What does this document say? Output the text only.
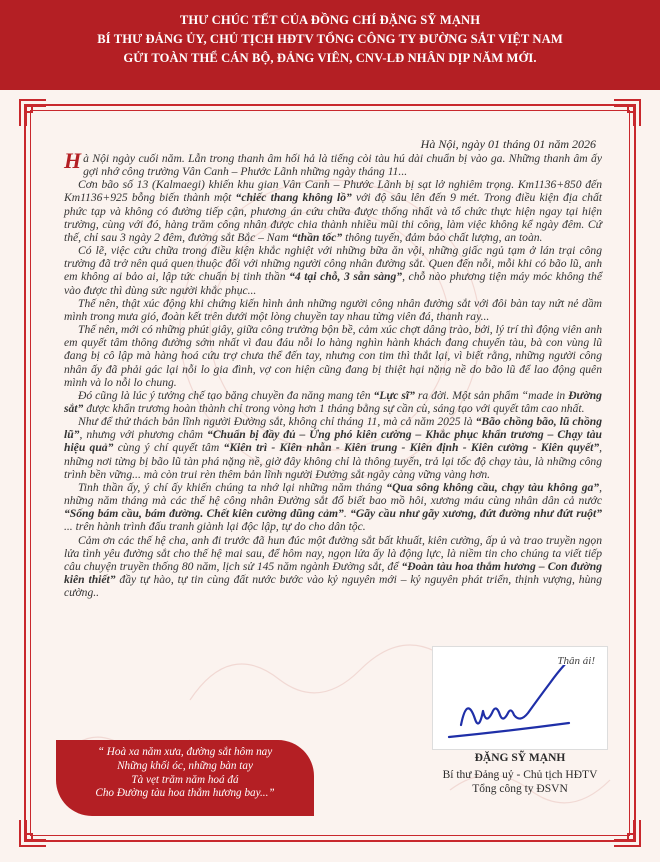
THƯ CHÚC TẾT CỦA ĐỒNG CHÍ ĐẶNG SỸ MẠNH
BÍ THƯ ĐẢNG ỦY, CHỦ TỊCH HĐTV TỔNG CÔNG TY ĐƯỜNG SẮT VIỆT NAM
GỬI TOÀN THỂ CÁN BỘ, ĐẢNG VIÊN, CNV-LĐ NHÂN DỊP NĂM MỚI.
Hà Nội, ngày 01 tháng 01 năm 2026

Hà Nội ngày cuối năm. Lẫn trong thanh âm hối hả là tiếng còi tàu hú dài chuẩn bị vào ga. Những thanh âm ấy gợi nhớ công trường Vân Canh – Phước Lãnh những ngày tháng 11...

Cơn bão số 13 (Kalmaegi) khiến khu gian Vân Canh – Phước Lãnh bị sạt lở nghiêm trọng. Km1136+850 đến Km1136+925 bỗng biến thành một “chiếc thang không lồ” với độ sâu lên đến 9 mét. Trong điều kiện địa chất phức tạp và không có đường tiếp cận, phương án cứu chữa được thống nhất và tổ chức thực hiện ngay tại hiện trường, cùng với đó, hàng trăm công nhân được chia thành nhiều mũi thi công, làm việc không kể ngày đêm. Cứ thế, chỉ sau 3 ngày 2 đêm, đường sắt Bắc – Nam “thần tốc” thông tuyến, đảm bảo chất lượng, an toàn.

Có lẽ, việc cứu chữa trong điều kiện khắc nghiệt với những bữa ăn vội, những giấc ngủ tạm ở lán trại công trường đã trở nên quá quen thuộc đối với những người công nhân đường sắt. Quen đến nỗi, mỗi khi có bão lũ, anh em không ai bảo ai, lập tức chuẩn bị tinh thần “4 tại chỗ, 3 sẵn sàng”, chỗ nào phương tiện máy móc không thể vào được thì dùng sức người khắc phục...

Thế nên, thật xúc động khi chứng kiến hình ảnh những người công nhân đường sắt với đôi bàn tay nứt nẻ dầm mình trong mưa gió, đoàn kết trên dưới một lòng chuyền tay nhau từng viên đá, thanh ray...

Thế nên, mới có những phút giây, giữa công trường bộn bề, cảm xúc chợt dâng trào, bởi, lý trí thì động viên anh em quyết tâm thông đường sớm nhất vì đau đáu nỗi lo hàng nghìn hành khách đang chuyến tàu, bà con vùng lũ đang bị cô lập mà hàng hoá cứu trợ chưa thể đến tay, nhưng con tim thì thắt lại, vì biết rằng, những người công nhân ấy đã phải gác lại nỗi lo gia đình, vợ con hiện cũng đang bị thiệt hại nặng nề do bão lũ để lao động quên mình và lo nỗi lo chung.

Đó cũng là lúc ý tưởng chế tạo băng chuyền đa năng mang tên “Lực sĩ” ra đời. Một sản phẩm “made in Đường sắt” được khẩn trương hoàn thành chỉ trong vòng hơn 1 tháng bằng sự cần cù, sáng tạo với quyết tâm cao nhất.

Như để thử thách bản lĩnh người Đường sắt, không chỉ tháng 11, mà cả năm 2025 là “Bão chồng bão, lũ chồng lũ”, nhưng với phương châm “Chuẩn bị đầy đủ – Ứng phó kiên cường – Khắc phục khẩn trương – Chạy tàu hiệu quả” cùng ý chí quyết tâm “Kiên trì - Kiên nhẫn - Kiên trung - Kiên định - Kiên cường - Kiên quyết”, những nơi từng bị bão lũ tàn phá nặng nề, giờ đây không chỉ là thông tuyến, trả lại tốc độ chạy tàu, là những công trình bền vững... mà còn trui rèn thêm bản lĩnh người Đường sắt ngày càng vững vàng hơn.

Tinh thần ấy, ý chí ấy khiến chúng ta nhớ lại những năm tháng “Qua sông không cầu, chạy tàu không ga”, những năm tháng mà các thế hệ công nhân Đường sắt đổ biết bao mồ hôi, xương máu cùng nhân dân cả nước “Sống bám cầu, bám đường. Chết kiên cường dũng cảm”. “Gãy cầu như gãy xương, đứt đường như đứt ruột” ... trên hành trình đấu tranh giành lại độc lập, tự do cho dân tộc.

Cảm ơn các thế hệ cha, anh đi trước đã hun đúc một đường sắt bất khuất, kiên cường, ấp ủ và trao truyền ngọn lửa tình yêu đường sắt cho thế hệ mai sau, để hôm nay, ngọn lửa ấy là động lực, là niềm tin cho chúng ta viết tiếp câu chuyện truyền thống 80 năm, lịch sử 145 năm ngành Đường sắt, để “Đoàn tàu hoa thắm hương – Con đường kiên thiết” đầy tự hào, tự tin cùng đất nước bước vào kỷ nguyên mới – kỷ nguyên phát triển, thịnh vượng, hùng cường..

Thân ái!
ĐẶNG SỸ MẠNH
Bí thư Đảng uỷ - Chủ tịch HĐTV
Tổng công ty ĐSVN
“ Hoà xa năm xưa, đường sắt hôm nay
Những khối óc, những bàn tay
Tà vẹt trăm năm hoá đá
Cho Đường tàu hoa thắm hương bay...”
